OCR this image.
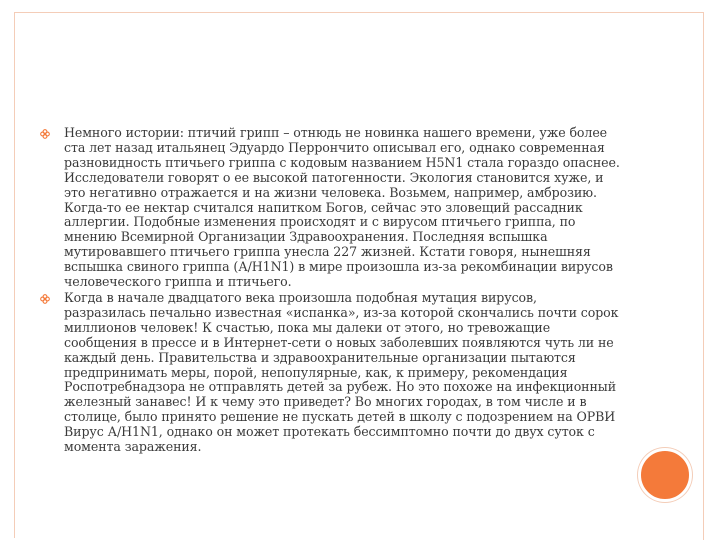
Немного истории: птичий грипп – отнюдь не новинка нашего времени, уже более ста лет назад итальянец Эдуардо Перрончито описывал его, однако современная разновидность птичьего гриппа с кодовым названием H5N1 стала гораздо опаснее. Исследователи говорят о ее высокой патогенности. Экология становится хуже, и это негативно отражается и на жизни человека. Возьмем, например, амброзию. Когда-то ее нектар считался напитком Богов, сейчас это зловещий рассадник аллергии. Подобные изменения происходят и с вирусом птичьего гриппа, по мнению Всемирной Организации Здравоохранения. Последняя вспышка мутировавшего птичьего гриппа унесла 227 жизней. Кстати говоря, нынешняя вспышка свиного гриппа (А/H1N1) в мире произошла из-за рекомбинации вирусов человеческого гриппа и птичьего.

Когда в начале двадцатого века произошла подобная мутация вирусов, разразилась печально известная «испанка», из-за которой скончались почти сорок миллионов человек! К счастью, пока мы далеки от этого, но тревожащие сообщения в прессе и в Интернет-сети о новых заболевших появляются чуть ли не каждый день. Правительства и здравоохранительные организации пытаются предпринимать меры, порой, непопулярные, как, к примеру, рекомендация Роспотребнадзора не отправлять детей за рубеж. Но это похоже на инфекционный железный занавес! И к чему это приведет? Во многих городах, в том числе и в столице, было принято решение не пускать детей в школу с подозрением на ОРВИ Вирус А/H1N1, однако он может протекать бессимптомно почти до двух суток с момента заражения.
